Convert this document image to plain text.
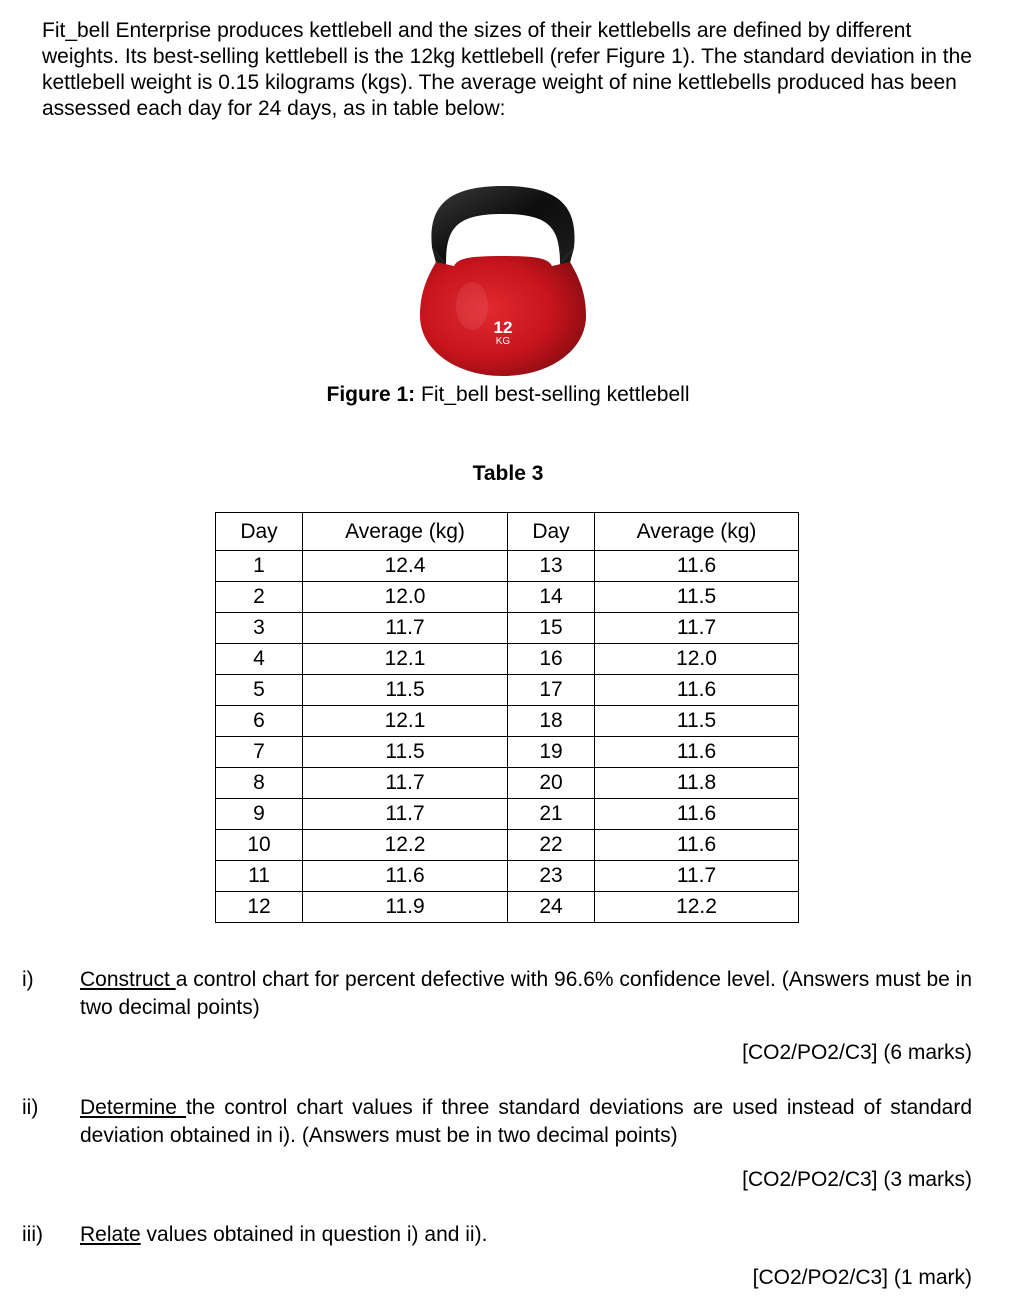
Fit_bell Enterprise produces kettlebell and the sizes of their kettlebells are defined by different weights. Its best-selling kettlebell is the 12kg kettlebell (refer Figure 1). The standard deviation in the kettlebell weight is 0.15 kilograms (kgs). The average weight of nine kettlebells produced has been assessed each day for 24 days, as in table below:

12
KG
Figure 1: Fit_bell best-selling kettlebell
Table 3
Day	Average (kg)	Day	Average (kg)
1	12.4	13	11.6
2	12.0	14	11.5
3	11.7	15	11.7
4	12.1	16	12.0
5	11.5	17	11.6
6	12.1	18	11.5
7	11.5	19	11.6
8	11.7	20	11.8
9	11.7	21	11.6
10	12.2	22	11.6
11	11.6	23	11.7
12	11.9	24	12.2
i) Construct a control chart for percent defective with 96.6% confidence level. (Answers must be in two decimal points)
[CO2/PO2/C3] (6 marks)
ii) Determine the control chart values if three standard deviations are used instead of standard deviation obtained in i). (Answers must be in two decimal points)
[CO2/PO2/C3] (3 marks)
iii) Relate values obtained in question i) and ii).
[CO2/PO2/C3] (1 mark)
